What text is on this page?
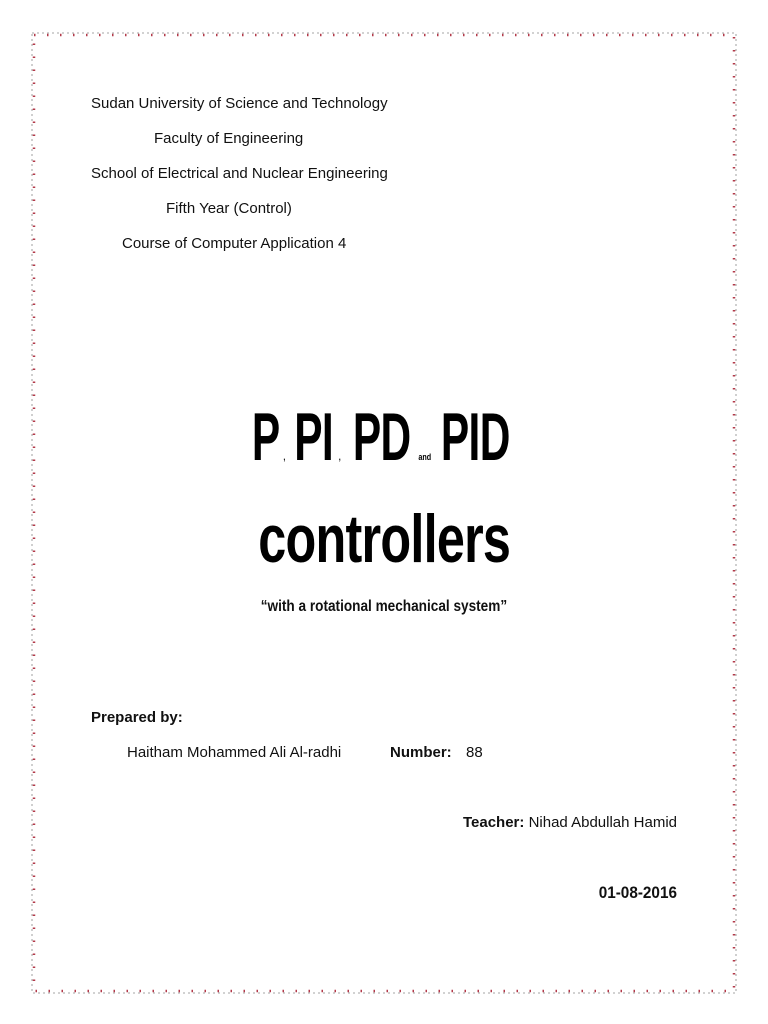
Sudan University of Science and Technology
Faculty of Engineering
School of Electrical and Nuclear Engineering
Fifth Year (Control)
Course of Computer Application 4
P , PI , PD and PID
controllers
“with a rotational mechanical system”
Prepared by:
Haitham Mohammed Ali Al-radhi	Number: 88
Teacher: Nihad Abdullah Hamid
01-08-2016
